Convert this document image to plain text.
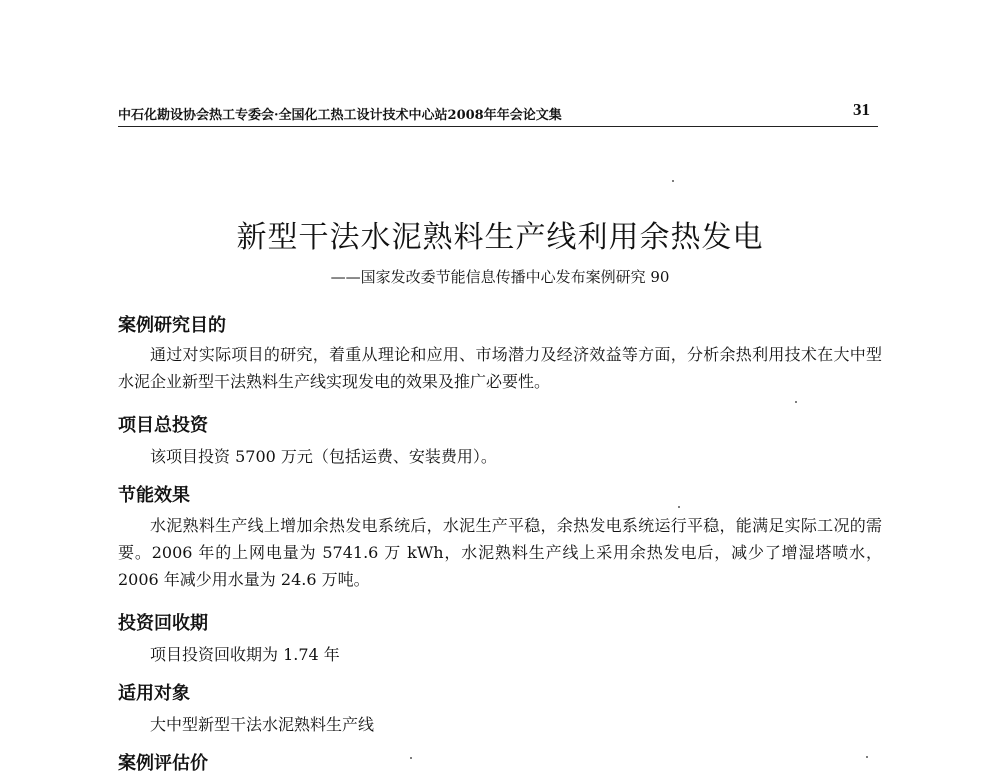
中石化勘设协会热工专委会·全国化工热工设计技术中心站2008年年会论文集	31
新型干法水泥熟料生产线利用余热发电
——国家发改委节能信息传播中心发布案例研究 90
案例研究目的
通过对实际项目的研究，着重从理论和应用、市场潜力及经济效益等方面，分析余热利用技术在大中型水泥企业新型干法熟料生产线实现发电的效果及推广必要性。
项目总投资
该项目投资 5700 万元（包括运费、安装费用）。
节能效果
水泥熟料生产线上增加余热发电系统后，水泥生产平稳，余热发电系统运行平稳，能满足实际工况的需要。2006 年的上网电量为 5741.6 万 kWh，水泥熟料生产线上采用余热发电后，减少了增湿塔喷水，2006 年减少用水量为 24.6 万吨。
投资回收期
项目投资回收期为 1.74 年
适用对象
大中型新型干法水泥熟料生产线
案例评估价
